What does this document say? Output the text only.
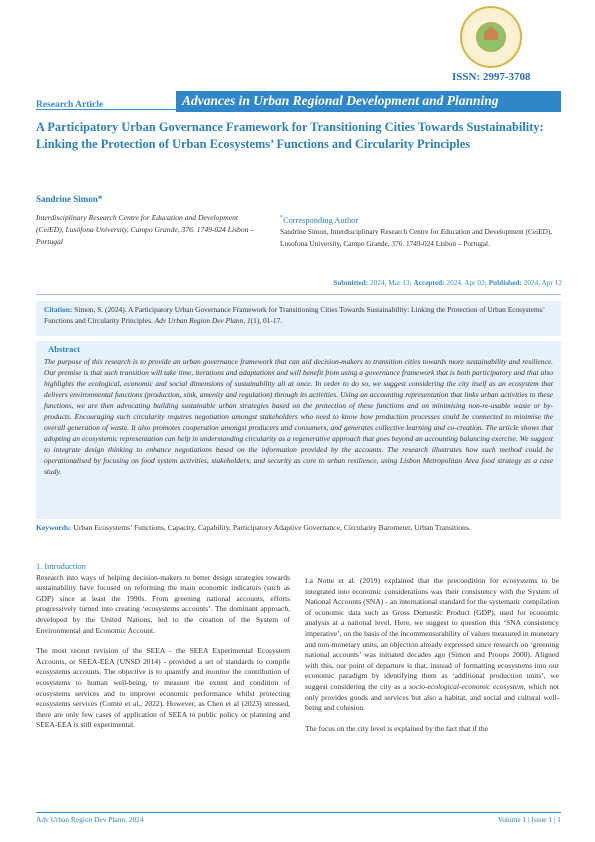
ISSN: 2997-3708
Research Article	Advances in Urban Regional Development and Planning
A Participatory Urban Governance Framework for Transitioning Cities Towards Sustainability: Linking the Protection of Urban Ecosystems’ Functions and Circularity Principles
Sandrine Simon*
Interdisciplinary Research Centre for Education and Development (CeiED), Lusófona University, Campo Grande, 376. 1749-024 Lisbon – Portugal
*Corresponding Author
Sandrine Simon, Interdisciplinary Research Centre for Education and Development (CeiED), Lusofona University, Campo Grande, 376. 1749-024 Lisbon – Portugal.
Submitted: 2024, Mar 13; Accepted: 2024, Apr 02; Published: 2024, Apr 12
Citation: Simon, S. (2024). A Participatory Urban Governance Framework for Transitioning Cities Towards Sustainability: Linking the Protection of Urban Ecosystems’ Functions and Circularity Principles. Adv Urban Region Dev Plann, 1(1), 01-17.
Abstract
The purpose of this research is to provide an urban governance framework that can aid decision-makers to transition cities towards more sustainability and resilience. Our premise is that such transition will take time, iterations and adaptations and will benefit from using a governance framework that is both participatory and that also highlights the ecological, economic and social dimensions of sustainability all at once. In order to do so, we suggest considering the city itself as an ecosystem that delivers environmental functions (production, sink, amenity and regulation) through its activities. Using an accounting representation that links urban activities to these functions, we are then advocating building sustainable urban strategies based on the protection of these functions and on minimising non-re-usable waste or by-products. Encouraging such circularity requires negotiation amongst stakeholders who need to know how production processes could be connected to minimise the overall generation of waste. It also promotes cooperation amongst producers and consumers, and generates collective learning and co-creation. The article shows that adopting an ecosystemic representation can help in understanding circularity as a regenerative approach that goes beyond an accounting balancing exercise. We suggest to integrate design thinking to enhance negotiations based on the information provided by the accounts. The research illustrates how such method could be operationalised by focusing on food system activities, stakeholders, and security as core to urban resilience, using Lisbon Metropolitan Area food strategy as a case study.
Keywords: Urban Ecosystems’ Functions, Capacity, Capability, Participatory Adaptive Governance, Circularity Barometer, Urban Transitions.
1. Introduction

Research into ways of helping decision-makers to better design strategies towards sustainability have focused on reforming the main economic indicators (such as GDP) since at least the 1990s. From greening national accounts, efforts progressively turned into creating ‘ecosystems accounts’. The dominant approach, developed by the United Nations, led to the creation of the System of Environmental and Economic Account.

The most recent revision of the SEEA - the SEEA Experimental Ecosystem Accounts, or SEEA-EEA (UNSD 2014) - provided a set of standards to compile ecosystems accounts. The objective is to quantify and monitor the contribution of ecosystems to human well-being, to measure the extent and condition of ecosystems services and to improve economic performance whilst protecting ecosystems services (Comte et al., 2022). However, as Chen et al (2023) stressed, there are only few cases of application of SEEA to public policy or planning and SEEA-EEA is still experimental.

La Notte et al. (2019) explained that the precondition for ecosystems to be integrated into economic considerations was their consistency with the System of National Accounts (SNA) - an international standard for the systematic compilation of economic data such as Gross Domestic Product (GDP), used for economic analysis at a national level. Here, we suggest to question this ‘SNA consistency imperative’, on the basis of the incommensurability of values measured in monetary and non-monetary units, an objection already expressed since research on ‘greening national accounts’ was initiated decades ago (Simon and Proops 2000). Aligned with this, our point of departure is that, instead of formatting ecosystems into our economic paradigm by identifying them as ‘additional production units’, we suggest considering the city as a socio-ecological-economic ecosystem, which not only provides goods and services but also a habitat, and social and cultural well-being and cohesion.

The focus on the city level is explained by the fact that if the

Adv Urban Region Dev Plann, 2024	Volume 1 | Issue 1 | 1
